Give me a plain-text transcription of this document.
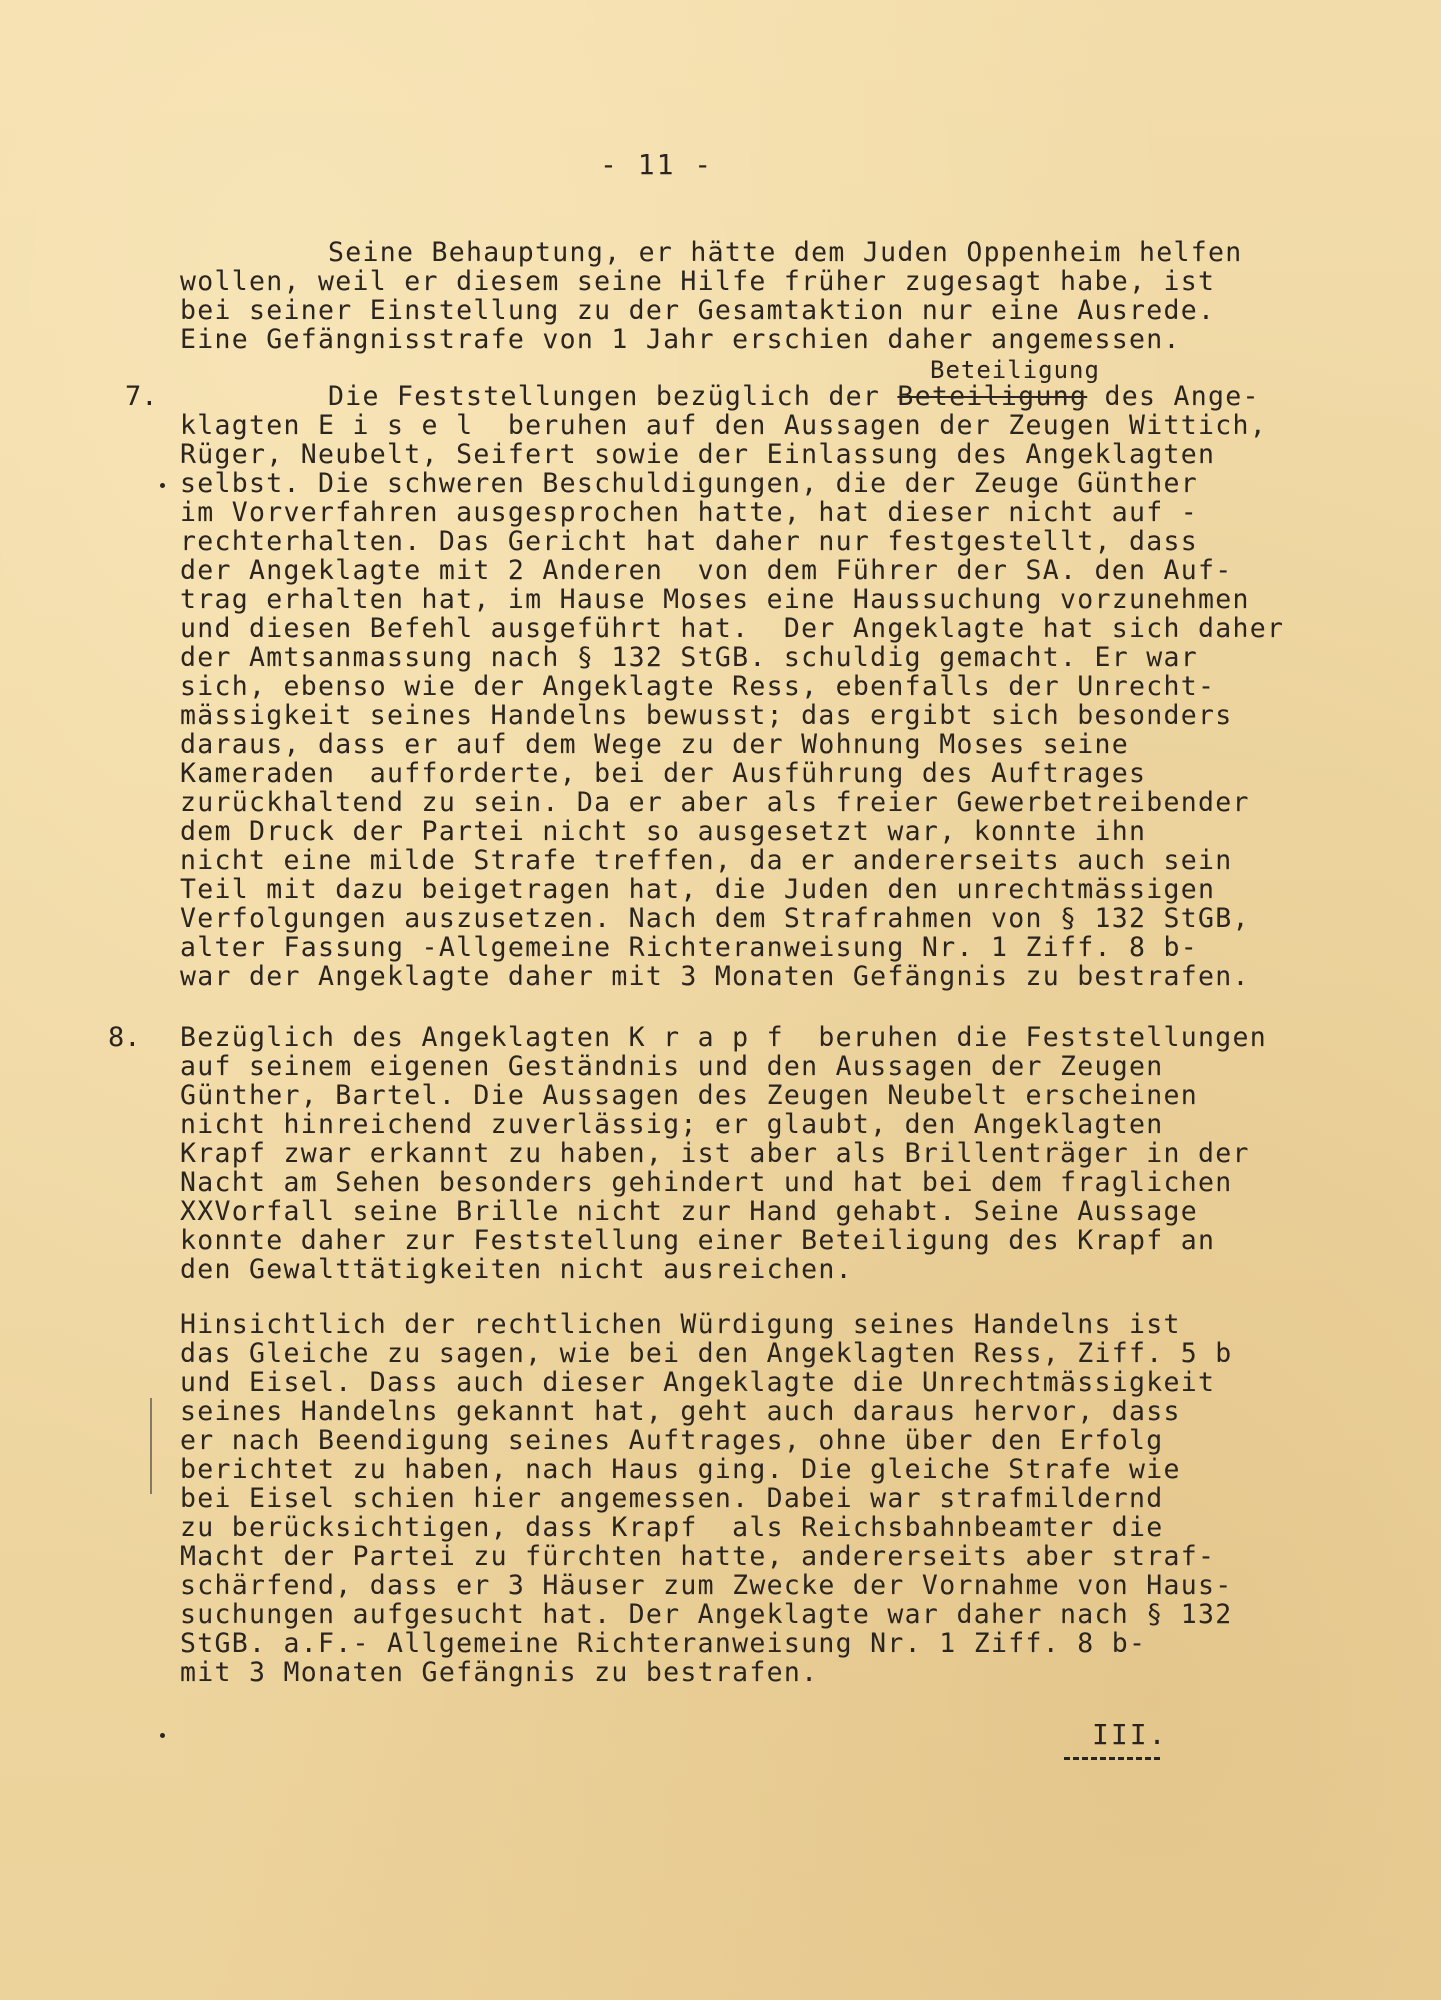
- 11 -
Seine Behauptung, er hätte dem Juden Oppenheim helfen
wollen, weil er diesem seine Hilfe früher zugesagt habe, ist
bei seiner Einstellung zu der Gesamtaktion nur eine Ausrede.
Eine Gefängnisstrafe von 1 Jahr erschien daher angemessen.
7.
Beteiligung
Die Feststellungen bezüglich der Beteiligung des Ange-
klagten E i s e l  beruhen auf den Aussagen der Zeugen Wittich,
Rüger, Neubelt, Seifert sowie der Einlassung des Angeklagten
selbst. Die schweren Beschuldigungen, die der Zeuge Günther
im Vorverfahren ausgesprochen hatte, hat dieser nicht auf -
rechterhalten. Das Gericht hat daher nur festgestellt, dass
der Angeklagte mit 2 Anderen  von dem Führer der SA. den Auf-
trag erhalten hat, im Hause Moses eine Haussuchung vorzunehmen
und diesen Befehl ausgeführt hat.  Der Angeklagte hat sich daher
der Amtsanmassung nach § 132 StGB. schuldig gemacht. Er war
sich, ebenso wie der Angeklagte Ress, ebenfalls der Unrecht-
mässigkeit seines Handelns bewusst; das ergibt sich besonders
daraus, dass er auf dem Wege zu der Wohnung Moses seine
Kameraden  aufforderte, bei der Ausführung des Auftrages
zurückhaltend zu sein. Da er aber als freier Gewerbetreibender
dem Druck der Partei nicht so ausgesetzt war, konnte ihn
nicht eine milde Strafe treffen, da er andererseits auch sein
Teil mit dazu beigetragen hat, die Juden den unrechtmässigen
Verfolgungen auszusetzen. Nach dem Strafrahmen von § 132 StGB,
alter Fassung -Allgemeine Richteranweisung Nr. 1 Ziff. 8 b-
war der Angeklagte daher mit 3 Monaten Gefängnis zu bestrafen.
8. Bezüglich des Angeklagten K r a p f  beruhen die Feststellungen
auf seinem eigenen Geständnis und den Aussagen der Zeugen
Günther, Bartel. Die Aussagen des Zeugen Neubelt erscheinen
nicht hinreichend zuverlässig; er glaubt, den Angeklagten
Krapf zwar erkannt zu haben, ist aber als Brillenträger in der
Nacht am Sehen besonders gehindert und hat bei dem fraglichen
XXVorfall seine Brille nicht zur Hand gehabt. Seine Aussage
konnte daher zur Feststellung einer Beteiligung des Krapf an
den Gewalttätigkeiten nicht ausreichen.
Hinsichtlich der rechtlichen Würdigung seines Handelns ist
das Gleiche zu sagen, wie bei den Angeklagten Ress, Ziff. 5 b
und Eisel. Dass auch dieser Angeklagte die Unrechtmässigkeit
seines Handelns gekannt hat, geht auch daraus hervor, dass
er nach Beendigung seines Auftrages, ohne über den Erfolg
berichtet zu haben, nach Haus ging. Die gleiche Strafe wie
bei Eisel schien hier angemessen. Dabei war strafmildernd
zu berücksichtigen, dass Krapf  als Reichsbahnbeamter die
Macht der Partei zu fürchten hatte, andererseits aber straf-
schärfend, dass er 3 Häuser zum Zwecke der Vornahme von Haus-
suchungen aufgesucht hat. Der Angeklagte war daher nach § 132
StGB. a.F.- Allgemeine Richteranweisung Nr. 1 Ziff. 8 b-
mit 3 Monaten Gefängnis zu bestrafen.
III.
